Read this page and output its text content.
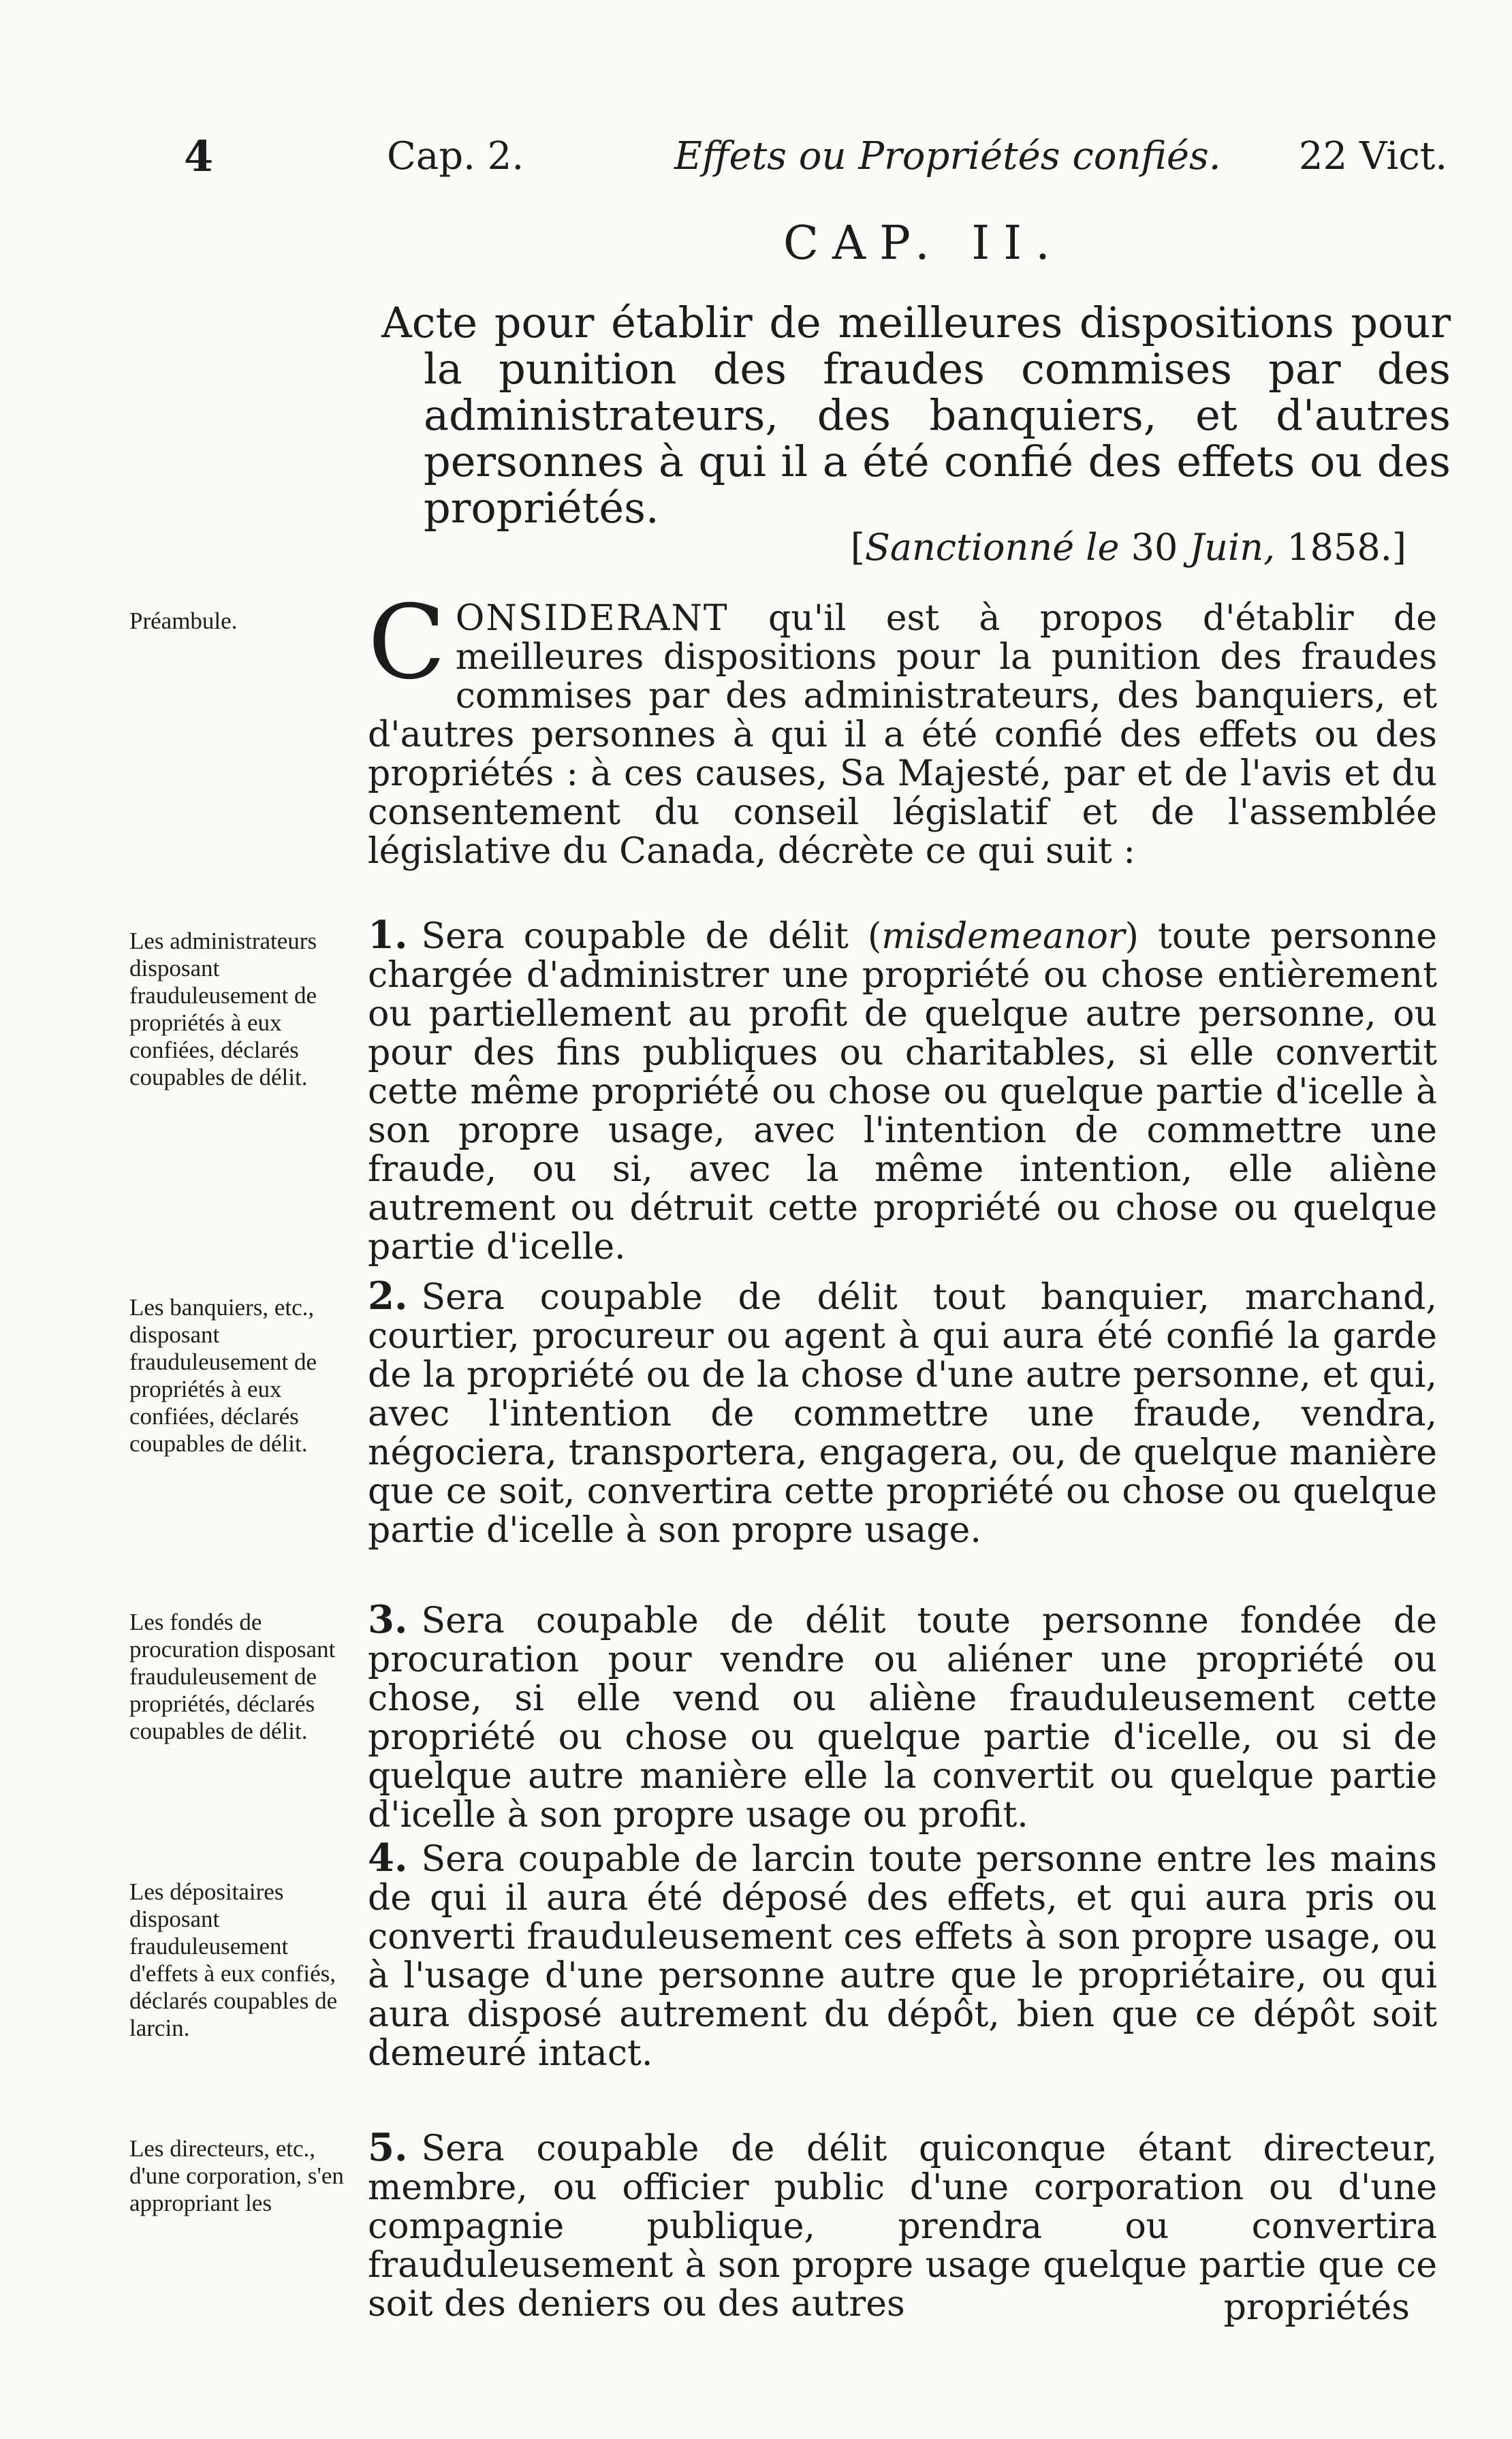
4	Cap. 2.	Effets ou Propriétés confiés. 22 Vict.
CAP. II.
Acte pour établir de meilleures dispositions pour la punition des fraudes commises par des administrateurs, des banquiers, et d'autres personnes à qui il a été confié des effets ou des propriétés.
[Sanctionné le 30 Juin, 1858.]
Préambule.	CONSIDERANT qu'il est à propos d'établir de meilleures dispositions pour la punition des fraudes commises par des administrateurs, des banquiers, et d'autres personnes à qui il a été confié des effets ou des propriétés : à ces causes, Sa Majesté, par et de l'avis et du consentement du conseil législatif et de l'assemblée législative du Canada, décrète ce qui suit :
Les administrateurs disposant frauduleusement de propriétés à eux confiées, déclarés coupables de délit.
1. Sera coupable de délit (misdemeanor) toute personne chargée d'administrer une propriété ou chose entièrement ou partiellement au profit de quelque autre personne, ou pour des fins publiques ou charitables, si elle convertit cette même propriété ou chose ou quelque partie d'icelle à son propre usage, avec l'intention de commettre une fraude, ou si, avec la même intention, elle aliène autrement ou détruit cette propriété ou chose ou quelque partie d'icelle.
Les banquiers, etc., disposant frauduleusement de propriétés à eux confiées, déclarés coupables de délit.
2. Sera coupable de délit tout banquier, marchand, courtier, procureur ou agent à qui aura été confié la garde de la propriété ou de la chose d'une autre personne, et qui, avec l'intention de commettre une fraude, vendra, négociera, transportera, engagera, ou, de quelque manière que ce soit, convertira cette propriété ou chose ou quelque partie d'icelle à son propre usage.
Les fondés de procuration disposant frauduleusement de propriétés, déclarés coupables de délit.
3. Sera coupable de délit toute personne fondée de procuration pour vendre ou aliéner une propriété ou chose, si elle vend ou aliène frauduleusement cette propriété ou chose ou quelque partie d'icelle, ou si de quelque autre manière elle la convertit ou quelque partie d'icelle à son propre usage ou profit.
Les dépositaires disposant frauduleusement d'effets à eux confiés, déclarés coupables de larcin.
4. Sera coupable de larcin toute personne entre les mains de qui il aura été déposé des effets, et qui aura pris ou converti frauduleusement ces effets à son propre usage, ou à l'usage d'une personne autre que le propriétaire, ou qui aura disposé autrement du dépôt, bien que ce dépôt soit demeuré intact.
Les directeurs, etc., d'une corporation, s'en appropriant les
5. Sera coupable de délit quiconque étant directeur, membre, ou officier public d'une corporation ou d'une compagnie publique, prendra ou convertira frauduleusement à son propre usage quelque partie que ce soit des deniers ou des autres	propriétés
